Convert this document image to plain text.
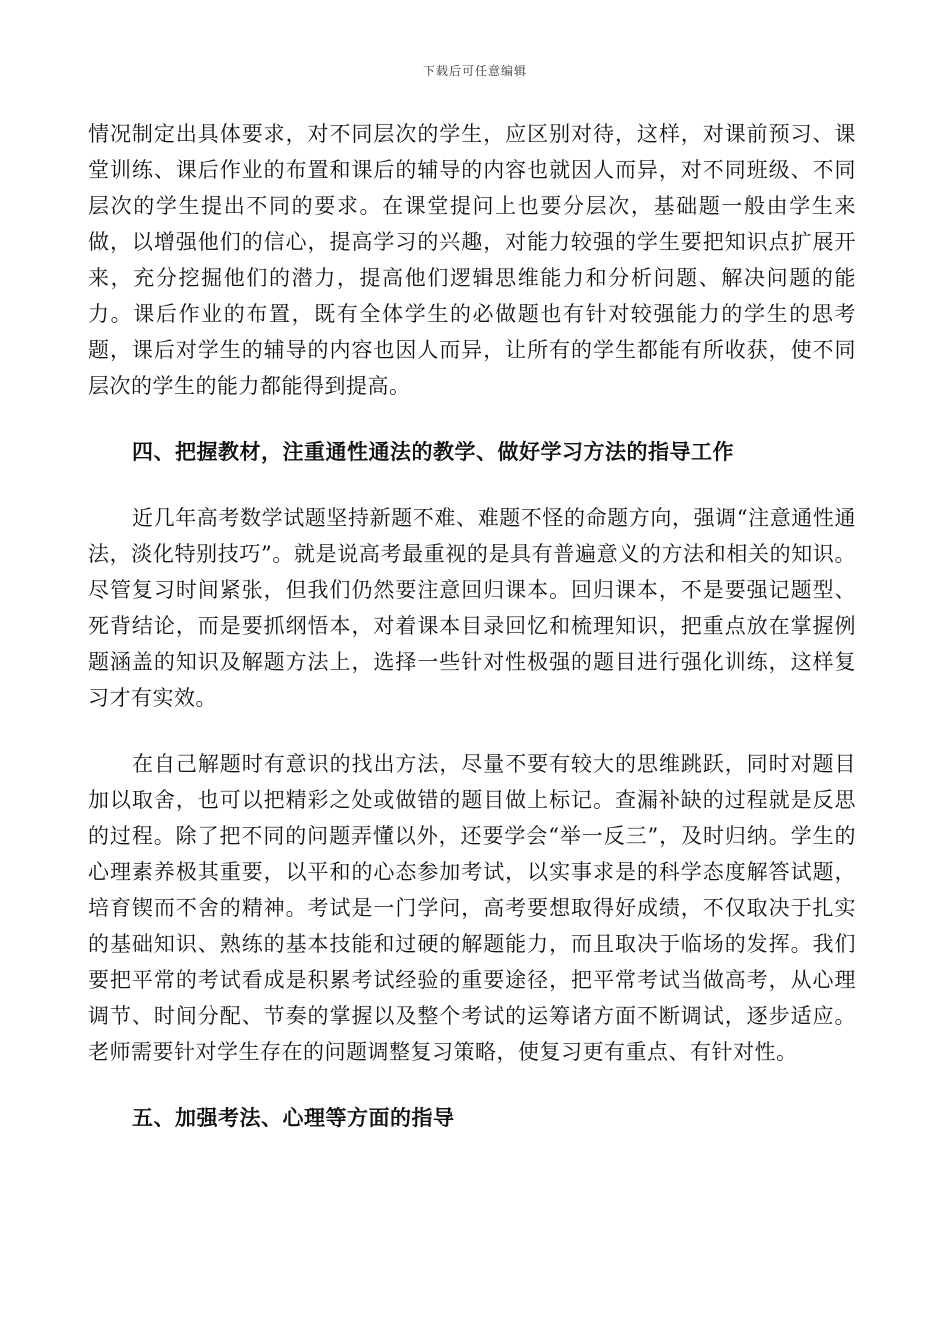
下载后可任意编辑

情况制定出具体要求，对不同层次的学生，应区别对待，这样，对课前预习、课堂训练、课后作业的布置和课后的辅导的内容也就因人而异，对不同班级、不同层次的学生提出不同的要求。在课堂提问上也要分层次，基础题一般由学生来做，以增强他们的信心，提高学习的兴趣，对能力较强的学生要把知识点扩展开来，充分挖掘他们的潜力，提高他们逻辑思维能力和分析问题、解决问题的能力。课后作业的布置，既有全体学生的必做题也有针对较强能力的学生的思考题，课后对学生的辅导的内容也因人而异，让所有的学生都能有所收获，使不同层次的学生的能力都能得到提高。

四、把握教材，注重通性通法的教学、做好学习方法的指导工作

近几年高考数学试题坚持新题不难、难题不怪的命题方向，强调“注意通性通法，淡化特别技巧”。就是说高考最重视的是具有普遍意义的方法和相关的知识。尽管复习时间紧张，但我们仍然要注意回归课本。回归课本，不是要强记题型、死背结论，而是要抓纲悟本，对着课本目录回忆和梳理知识，把重点放在掌握例题涵盖的知识及解题方法上，选择一些针对性极强的题目进行强化训练，这样复习才有实效。

在自己解题时有意识的找出方法，尽量不要有较大的思维跳跃，同时对题目加以取舍，也可以把精彩之处或做错的题目做上标记。查漏补缺的过程就是反思的过程。除了把不同的问题弄懂以外，还要学会“举一反三”，及时归纳。学生的心理素养极其重要，以平和的心态参加考试，以实事求是的科学态度解答试题，培育锲而不舍的精神。考试是一门学问，高考要想取得好成绩，不仅取决于扎实的基础知识、熟练的基本技能和过硬的解题能力，而且取决于临场的发挥。我们要把平常的考试看成是积累考试经验的重要途径，把平常考试当做高考，从心理调节、时间分配、节奏的掌握以及整个考试的运筹诸方面不断调试，逐步适应。老师需要针对学生存在的问题调整复习策略，使复习更有重点、有针对性。

五、加强考法、心理等方面的指导
